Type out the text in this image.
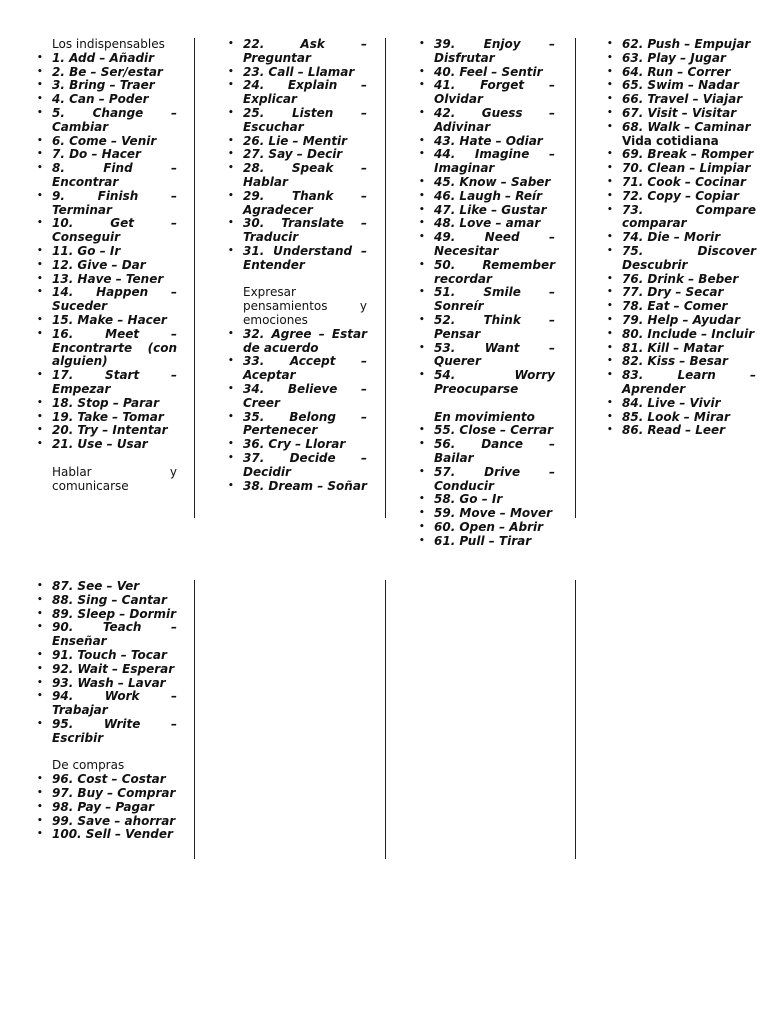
Los indispensables
• 1. Add – Añadir
• 2. Be – Ser/estar
• 3. Bring – Traer
• 4. Can – Poder
• 5. Change – Cambiar
• 6. Come – Venir
• 7. Do – Hacer
• 8. Find – Encontrar
• 9. Finish – Terminar
• 10. Get – Conseguir
• 11. Go – Ir
• 12. Give – Dar
• 13. Have – Tener
• 14. Happen – Suceder
• 15. Make – Hacer
• 16. Meet – Encontrarte (con alguien)
• 17. Start – Empezar
• 18. Stop – Parar
• 19. Take – Tomar
• 20. Try – Intentar
• 21. Use – Usar
Hablar y comunicarse
• 22. Ask – Preguntar
• 23. Call – Llamar
• 24. Explain – Explicar
• 25. Listen – Escuchar
• 26. Lie – Mentir
• 27. Say – Decir
• 28. Speak – Hablar
• 29. Thank – Agradecer
• 30. Translate – Traducir
• 31. Understand – Entender
Expresar pensamientos y emociones
• 32. Agree – Estar de acuerdo
• 33. Accept – Aceptar
• 34. Believe – Creer
• 35. Belong – Pertenecer
• 36. Cry – Llorar
• 37. Decide – Decidir
• 38. Dream – Soñar
• 39. Enjoy – Disfrutar
• 40. Feel – Sentir
• 41. Forget – Olvidar
• 42. Guess – Adivinar
• 43. Hate – Odiar
• 44. Imagine – Imaginar
• 45. Know – Saber
• 46. Laugh – Reír
• 47. Like – Gustar
• 48. Love – amar
• 49. Need – Necesitar
• 50. Remember recordar
• 51. Smile – Sonreír
• 52. Think – Pensar
• 53. Want – Querer
• 54. Worry Preocuparse
En movimiento
• 55. Close – Cerrar
• 56. Dance – Bailar
• 57. Drive – Conducir
• 58. Go – Ir
• 59. Move – Mover
• 60. Open – Abrir
• 61. Pull – Tirar
• 62. Push – Empujar
• 63. Play – Jugar
• 64. Run – Correr
• 65. Swim – Nadar
• 66. Travel – Viajar
• 67. Visit – Visitar
• 68. Walk – Caminar
Vida cotidiana
• 69. Break – Romper
• 70. Clean – Limpiar
• 71. Cook – Cocinar
• 72. Copy – Copiar
• 73. Compare comparar
• 74. Die – Morir
• 75. Discover Descubrir
• 76. Drink – Beber
• 77. Dry – Secar
• 78. Eat – Comer
• 79. Help – Ayudar
• 80. Include – Incluir
• 81. Kill – Matar
• 82. Kiss – Besar
• 83. Learn – Aprender
• 84. Live – Vivir
• 85. Look – Mirar
• 86. Read – Leer
• 87. See – Ver
• 88. Sing – Cantar
• 89. Sleep – Dormir
• 90. Teach – Enseñar
• 91. Touch – Tocar
• 92. Wait – Esperar
• 93. Wash – Lavar
• 94. Work – Trabajar
• 95. Write – Escribir
De compras
• 96. Cost – Costar
• 97. Buy – Comprar
• 98. Pay – Pagar
• 99. Save – ahorrar
• 100. Sell – Vender
